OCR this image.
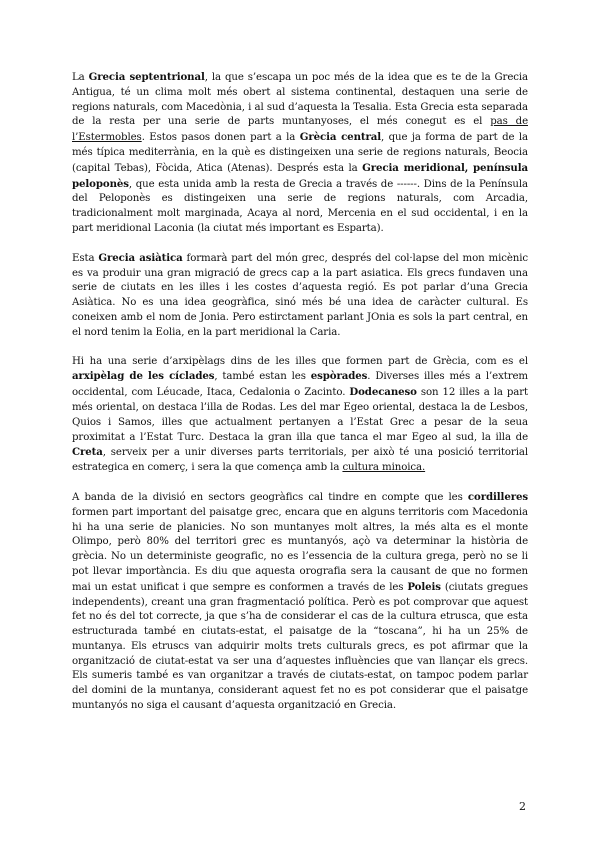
La Grecia septentrional, la que s’escapa un poc més de la idea que es te de la Grecia Antigua, té un clima molt més obert al sistema continental, destaquen una serie de regions naturals, com Macedònia, i al sud d’aquesta la Tesalia. Esta Grecia esta separada de la resta per una serie de parts muntanyoses, el més conegut es el pas de l’Estermobles. Estos pasos donen part a la Grècia central, que ja forma de part de la més típica mediterrània, en la què es distingeixen una serie de regions naturals, Beocia (capital Tebas), Fòcida, Atica (Atenas). Després esta la Grecia meridional, península peloponès, que esta unida amb la resta de Grecia a través de ------. Dins de la Península del Peloponès es distingeixen una serie de regions naturals, com Arcadia, tradicionalment molt marginada, Acaya al nord, Mercenia en el sud occidental, i en la part meridional Laconia (la ciutat més important es Esparta).

Esta Grecia asiàtica formarà part del món grec, després del col·lapse del mon micènic es va produir una gran migració de grecs cap a la part asiatica. Els grecs fundaven una serie de ciutats en les illes i les costes d’aquesta regió. Es pot parlar d’una Grecia Asiàtica. No es una idea geogràfica, sinó més bé una idea de caràcter cultural. Es coneixen amb el nom de Jonia. Pero estirctament parlant JOnia es sols la part central, en el nord tenim la Eolia, en la part meridional la Caria.

Hi ha una serie d’arxipèlags dins de les illes que formen part de Grècia, com es el arxipèlag de les cíclades, també estan les espòrades. Diverses illes més a l’extrem occidental, com Léucade, Itaca, Cedalonia o Zacinto. Dodecaneso son 12 illes a la part més oriental, on destaca l’illa de Rodas. Les del mar Egeo oriental, destaca la de Lesbos, Quios i Samos, illes que actualment pertanyen a l’Estat Grec a pesar de la seua proximitat a l’Estat Turc. Destaca la gran illa que tanca el mar Egeo al sud, la illa de Creta, serveix per a unir diverses parts territorials, per això té una posició territorial estrategica en comerç, i sera la que comença amb la cultura minoica.

A banda de la divisió en sectors geogràfics cal tindre en compte que les cordilleres formen part important del paisatge grec, encara que en alguns territoris com Macedonia hi ha una serie de planicies. No son muntanyes molt altres, la més alta es el monte Olimpo, però 80% del territori grec es muntanyós, açò va determinar la història de grècia. No un deterministe geografic, no es l’essencia de la cultura grega, però no se li pot llevar importància. Es diu que aquesta orografia sera la causant de que no formen mai un estat unificat i que sempre es conformen a través de les Poleis (ciutats gregues independents), creant una gran fragmentació política. Però es pot comprovar que aquest fet no és del tot correcte, ja que s’ha de considerar el cas de la cultura etrusca, que esta estructurada també en ciutats-estat, el paisatge de la “toscana”, hi ha un 25% de muntanya. Els etruscs van adquirir molts trets culturals grecs, es pot afirmar que la organització de ciutat-estat va ser una d’aquestes influències que van llançar els grecs. Els sumeris també es van organitzar a través de ciutats-estat, on tampoc podem parlar del domini de la muntanya, considerant aquest fet no es pot considerar que el paisatge muntanyós no siga el causant d’aquesta organització en Grecia.

2
